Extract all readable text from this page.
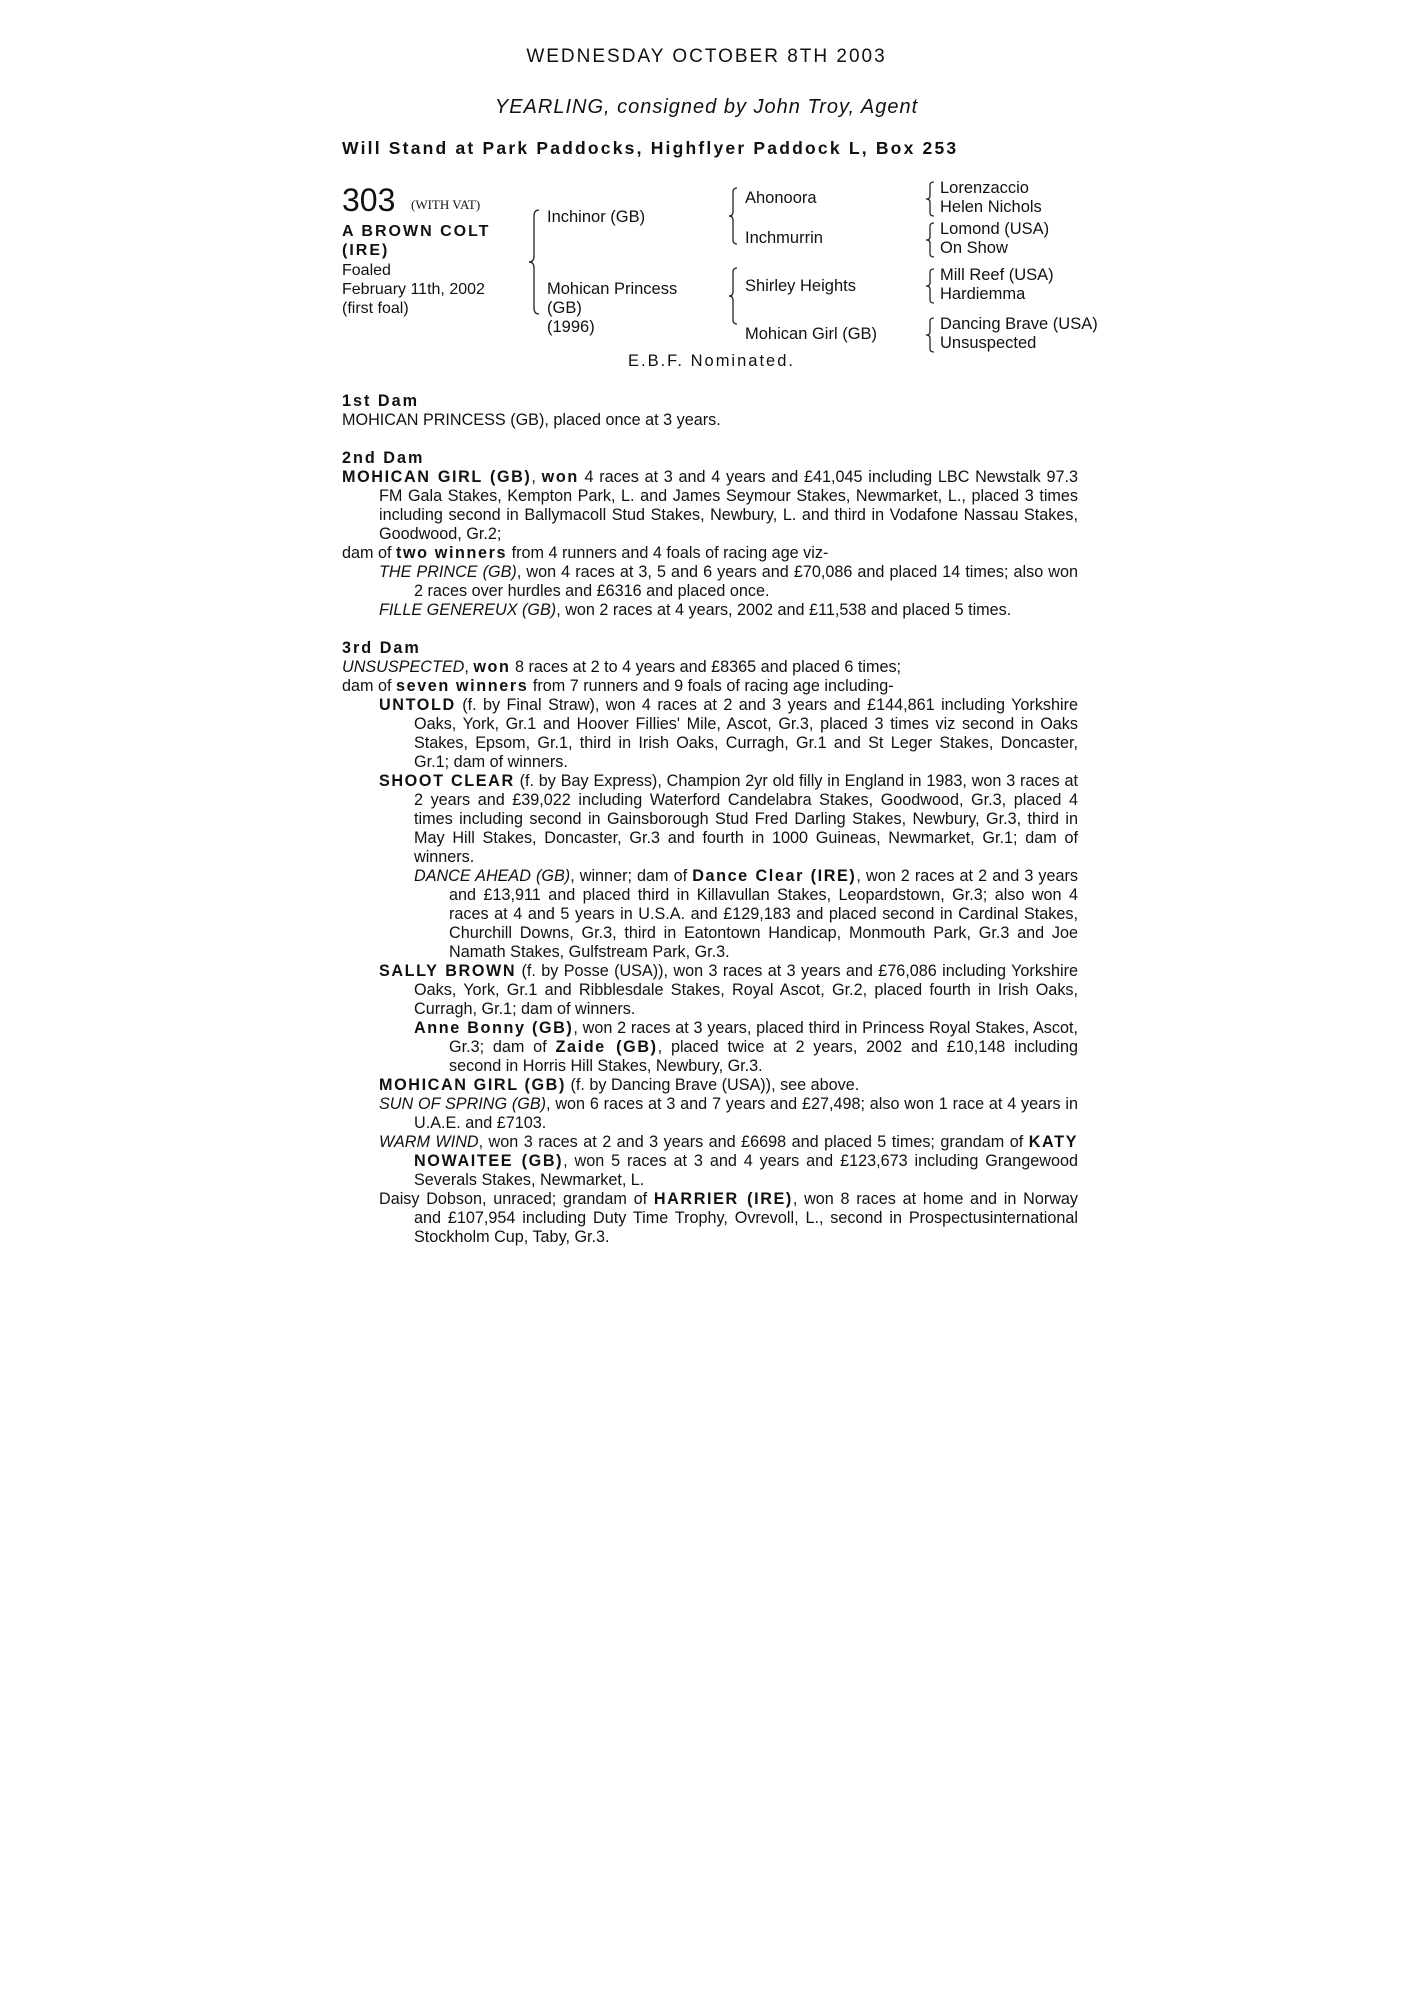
WEDNESDAY OCTOBER 8TH 2003
YEARLING, consigned by John Troy, Agent
Will Stand at Park Paddocks, Highflyer Paddock L, Box 253
303 (WITH VAT)
A BROWN COLT (IRE)
Foaled
February 11th, 2002
(first foal)
Inchinor (GB)
Mohican Princess
(GB)
(1996)
Ahonoora
Inchmurrin
Shirley Heights
Mohican Girl (GB)
Lorenzaccio
Helen Nichols
Lomond (USA)
On Show
Mill Reef (USA)
Hardiemma
Dancing Brave (USA)
Unsuspected
E.B.F. Nominated.
1st Dam
MOHICAN PRINCESS (GB), placed once at 3 years.
2nd Dam
MOHICAN GIRL (GB), won 4 races at 3 and 4 years and £41,045 including LBC Newstalk 97.3 FM Gala Stakes, Kempton Park, L. and James Seymour Stakes, Newmarket, L., placed 3 times including second in Ballymacoll Stud Stakes, Newbury, L. and third in Vodafone Nassau Stakes, Goodwood, Gr.2;
dam of two winners from 4 runners and 4 foals of racing age viz-
THE PRINCE (GB), won 4 races at 3, 5 and 6 years and £70,086 and placed 14 times; also won 2 races over hurdles and £6316 and placed once.
FILLE GENEREUX (GB), won 2 races at 4 years, 2002 and £11,538 and placed 5 times.
3rd Dam
UNSUSPECTED, won 8 races at 2 to 4 years and £8365 and placed 6 times;
dam of seven winners from 7 runners and 9 foals of racing age including-
UNTOLD (f. by Final Straw), won 4 races at 2 and 3 years and £144,861 including Yorkshire Oaks, York, Gr.1 and Hoover Fillies' Mile, Ascot, Gr.3, placed 3 times viz second in Oaks Stakes, Epsom, Gr.1, third in Irish Oaks, Curragh, Gr.1 and St Leger Stakes, Doncaster, Gr.1; dam of winners.
SHOOT CLEAR (f. by Bay Express), Champion 2yr old filly in England in 1983, won 3 races at 2 years and £39,022 including Waterford Candelabra Stakes, Goodwood, Gr.3, placed 4 times including second in Gainsborough Stud Fred Darling Stakes, Newbury, Gr.3, third in May Hill Stakes, Doncaster, Gr.3 and fourth in 1000 Guineas, Newmarket, Gr.1; dam of winners.
DANCE AHEAD (GB), winner; dam of Dance Clear (IRE), won 2 races at 2 and 3 years and £13,911 and placed third in Killavullan Stakes, Leopardstown, Gr.3; also won 4 races at 4 and 5 years in U.S.A. and £129,183 and placed second in Cardinal Stakes, Churchill Downs, Gr.3, third in Eatontown Handicap, Monmouth Park, Gr.3 and Joe Namath Stakes, Gulfstream Park, Gr.3.
SALLY BROWN (f. by Posse (USA)), won 3 races at 3 years and £76,086 including Yorkshire Oaks, York, Gr.1 and Ribblesdale Stakes, Royal Ascot, Gr.2, placed fourth in Irish Oaks, Curragh, Gr.1; dam of winners.
Anne Bonny (GB), won 2 races at 3 years, placed third in Princess Royal Stakes, Ascot, Gr.3; dam of Zaide (GB), placed twice at 2 years, 2002 and £10,148 including second in Horris Hill Stakes, Newbury, Gr.3.
MOHICAN GIRL (GB) (f. by Dancing Brave (USA)), see above.
SUN OF SPRING (GB), won 6 races at 3 and 7 years and £27,498; also won 1 race at 4 years in U.A.E. and £7103.
WARM WIND, won 3 races at 2 and 3 years and £6698 and placed 5 times; grandam of KATY NOWAITEE (GB), won 5 races at 3 and 4 years and £123,673 including Grangewood Severals Stakes, Newmarket, L.
Daisy Dobson, unraced; grandam of HARRIER (IRE), won 8 races at home and in Norway and £107,954 including Duty Time Trophy, Ovrevoll, L., second in Prospectusinternational Stockholm Cup, Taby, Gr.3.
